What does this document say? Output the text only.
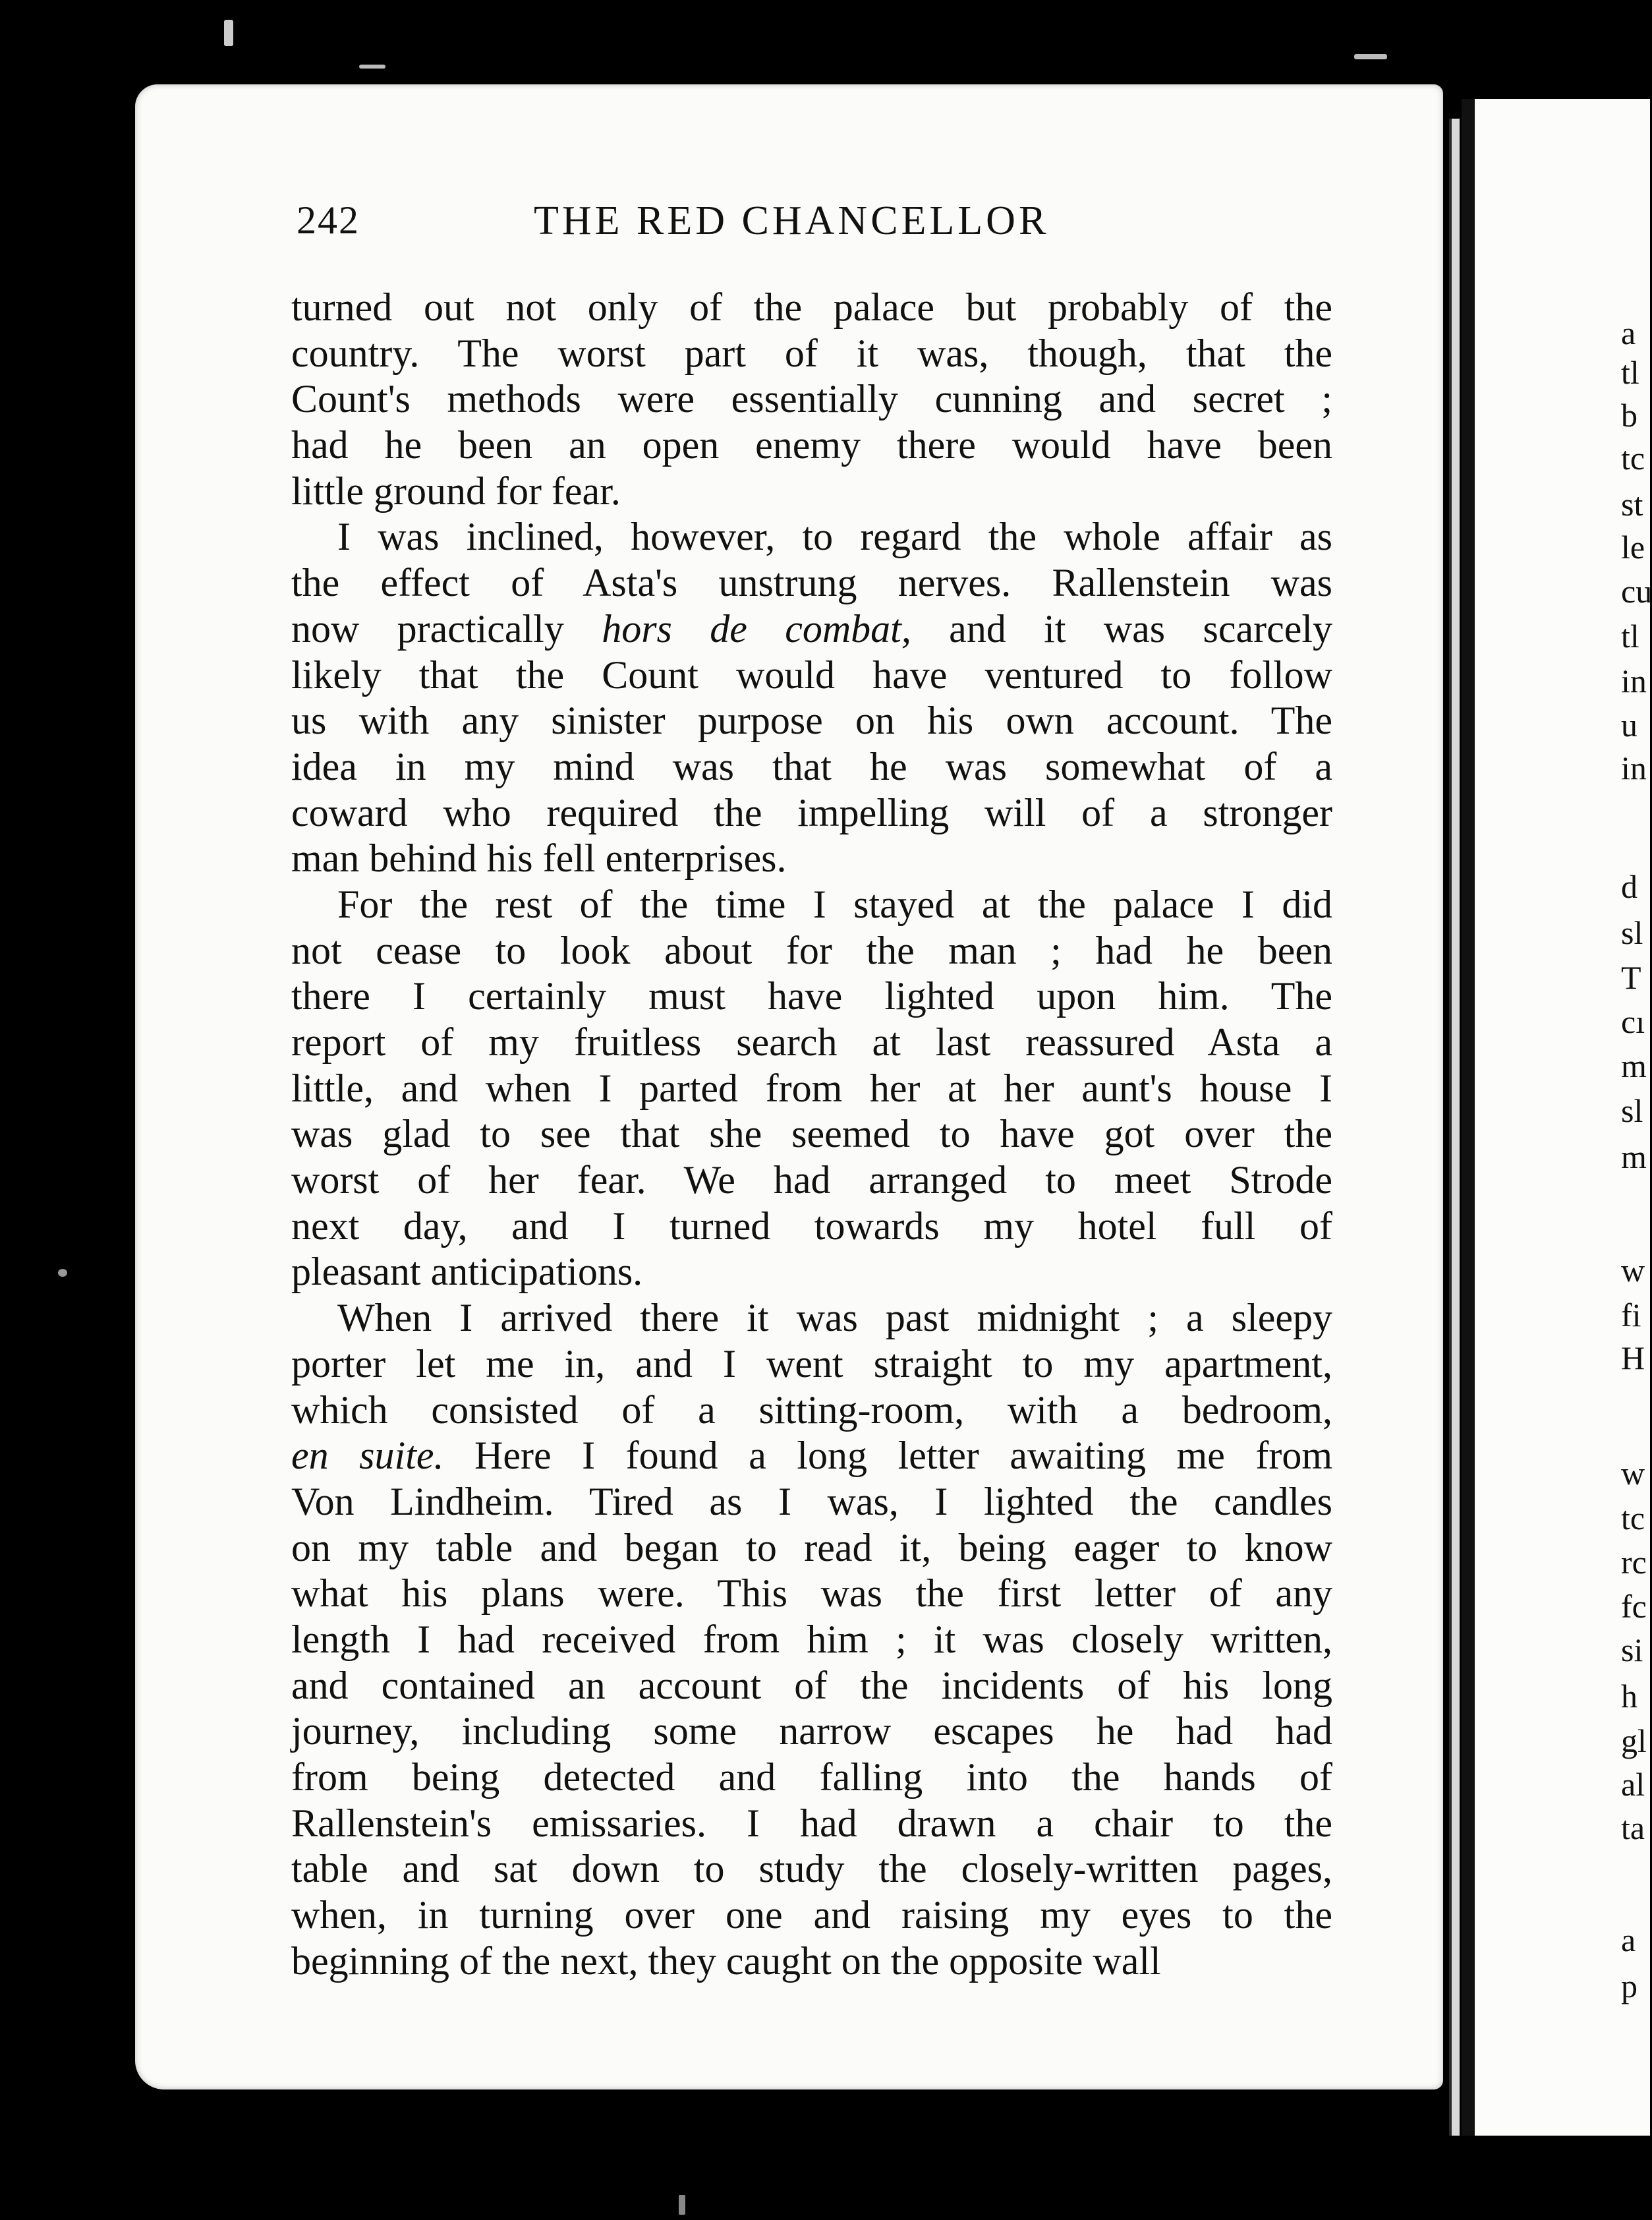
a
tl
b
tc
st
le
cu
tl
in
u
in
d
sl
T
cı
m
sl
m
w
fi
H
w
tc
rc
fc
si
h
gl
al
ta
a
p
242	THE RED CHANCELLOR
turned out not only of the palace but probably of the
country. The worst part of it was, though, that the
Count's methods were essentially cunning and secret ;
had he been an open enemy there would have been
little ground for fear.
I was inclined, however, to regard the whole affair as
the effect of Asta's unstrung nerves. Rallenstein was
now practically hors de combat, and it was scarcely
likely that the Count would have ventured to follow
us with any sinister purpose on his own account. The
idea in my mind was that he was somewhat of a
coward who required the impelling will of a stronger
man behind his fell enterprises.
For the rest of the time I stayed at the palace I did
not cease to look about for the man ; had he been
there I certainly must have lighted upon him. The
report of my fruitless search at last reassured Asta a
little, and when I parted from her at her aunt's house I
was glad to see that she seemed to have got over the
worst of her fear. We had arranged to meet Strode
next day, and I turned towards my hotel full of
pleasant anticipations.
When I arrived there it was past midnight ; a sleepy
porter let me in, and I went straight to my apartment,
which consisted of a sitting-room, with a bedroom,
en suite. Here I found a long letter awaiting me from
Von Lindheim. Tired as I was, I lighted the candles
on my table and began to read it, being eager to know
what his plans were. This was the first letter of any
length I had received from him ; it was closely written,
and contained an account of the incidents of his long
journey, including some narrow escapes he had had
from being detected and falling into the hands of
Rallenstein's emissaries. I had drawn a chair to the
table and sat down to study the closely-written pages,
when, in turning over one and raising my eyes to the
beginning of the next, they caught on the opposite wall
